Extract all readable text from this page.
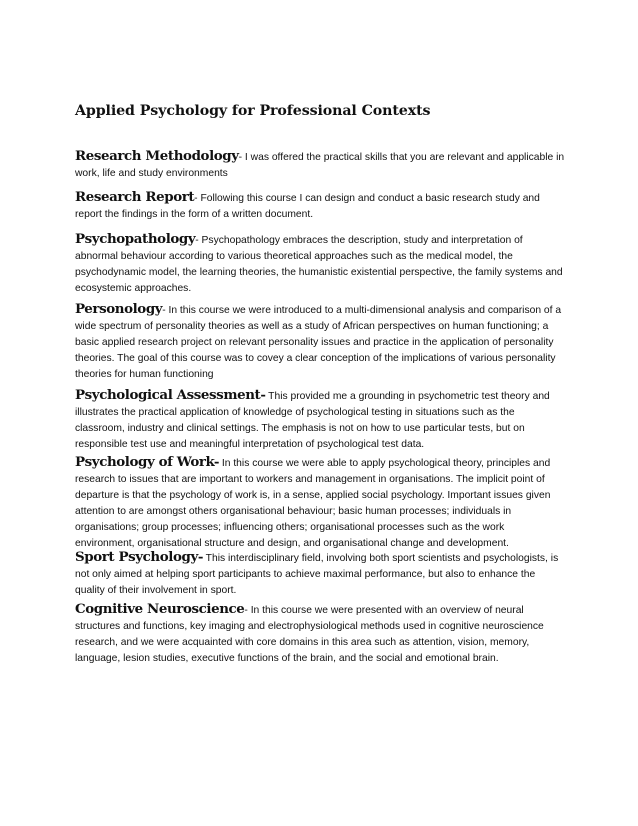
Applied Psychology for Professional Contexts

Research Methodology- I was offered the practical skills that you are relevant and applicable in work, life and study environments

Research Report- Following this course I can design and conduct a basic research study and report the findings in the form of a written document.

Psychopathology- Psychopathology embraces the description, study and interpretation of abnormal behaviour according to various theoretical approaches such as the medical model, the psychodynamic model, the learning theories, the humanistic existential perspective, the family systems and ecosystemic approaches.

Personology- In this course we were introduced to a multi-dimensional analysis and comparison of a wide spectrum of personality theories as well as a study of African perspectives on human functioning; a basic applied research project on relevant personality issues and practice in the application of personality theories. The goal of this course was to covey a clear conception of the implications of various personality theories for human functioning

Psychological Assessment- This provided me a grounding in psychometric test theory and illustrates the practical application of knowledge of psychological testing in situations such as the classroom, industry and clinical settings. The emphasis is not on how to use particular tests, but on responsible test use and meaningful interpretation of psychological test data.

Psychology of Work- In this course we were able to apply psychological theory, principles and research to issues that are important to workers and management in organisations. The implicit point of departure is that the psychology of work is, in a sense, applied social psychology. Important issues given attention to are amongst others organisational behaviour; basic human processes; individuals in organisations; group processes; influencing others; organisational processes such as the work environment, organisational structure and design, and organisational change and development.

Sport Psychology- This interdisciplinary field, involving both sport scientists and psychologists, is not only aimed at helping sport participants to achieve maximal performance, but also to enhance the quality of their involvement in sport.

Cognitive Neuroscience- In this course we were presented with an overview of neural structures and functions, key imaging and electrophysiological methods used in cognitive neuroscience research, and we were acquainted with core domains in this area such as attention, vision, memory, language, lesion studies, executive functions of the brain, and the social and emotional brain.
